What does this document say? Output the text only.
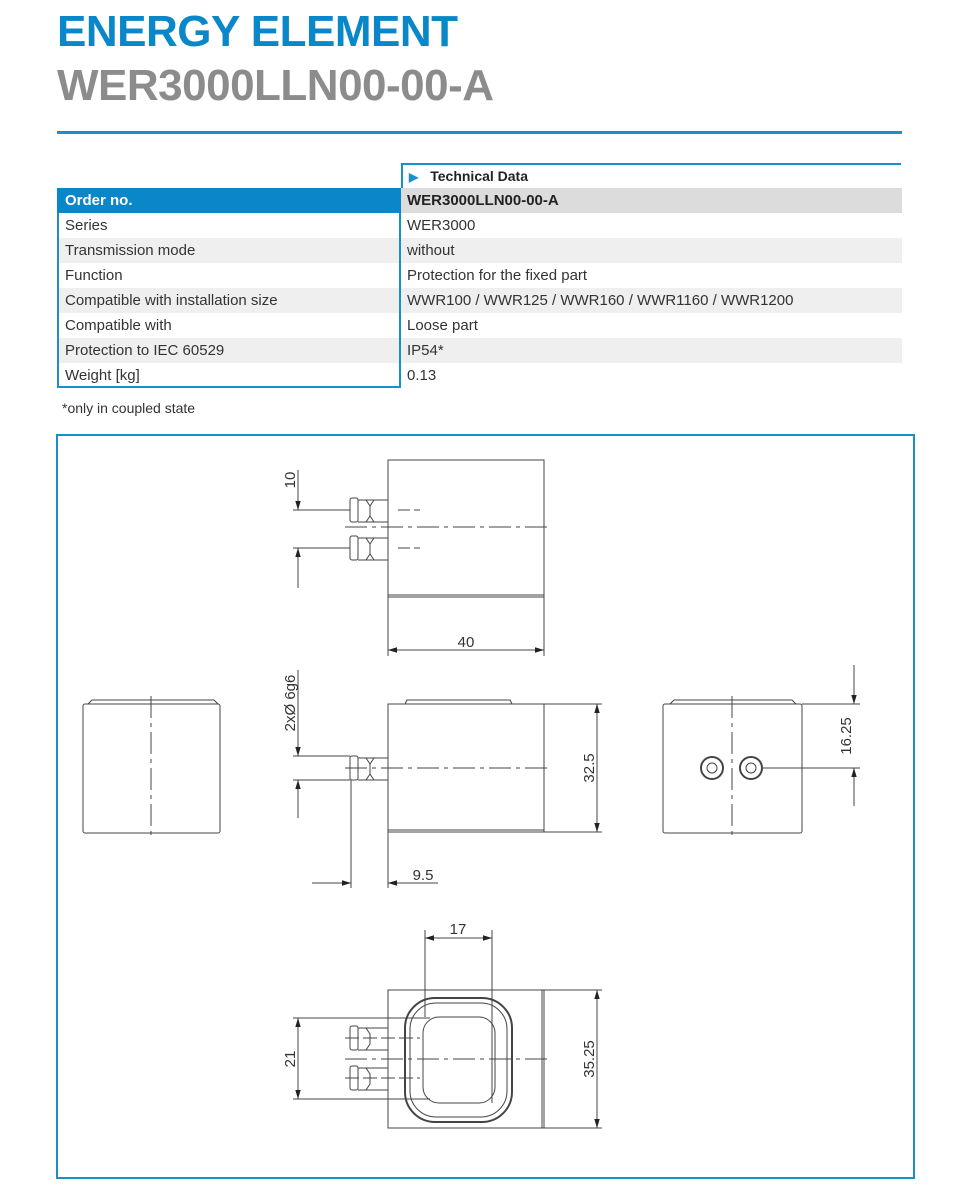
ENERGY ELEMENT
WER3000LLN00-00-A
▶ Technical Data
Order no.	WER3000LLN00-00-A
Series	WER3000
Transmission mode	without
Function	Protection for the fixed part
Compatible with installation size	WWR100 / WWR125 / WWR160 / WWR1160 / WWR1200
Compatible with	Loose part
Protection to IEC 60529	IP54*
Weight [kg]	0.13
*only in coupled state
10
40
2xØ 6g6
32.5
9.5
16.25
17
21	35.25
